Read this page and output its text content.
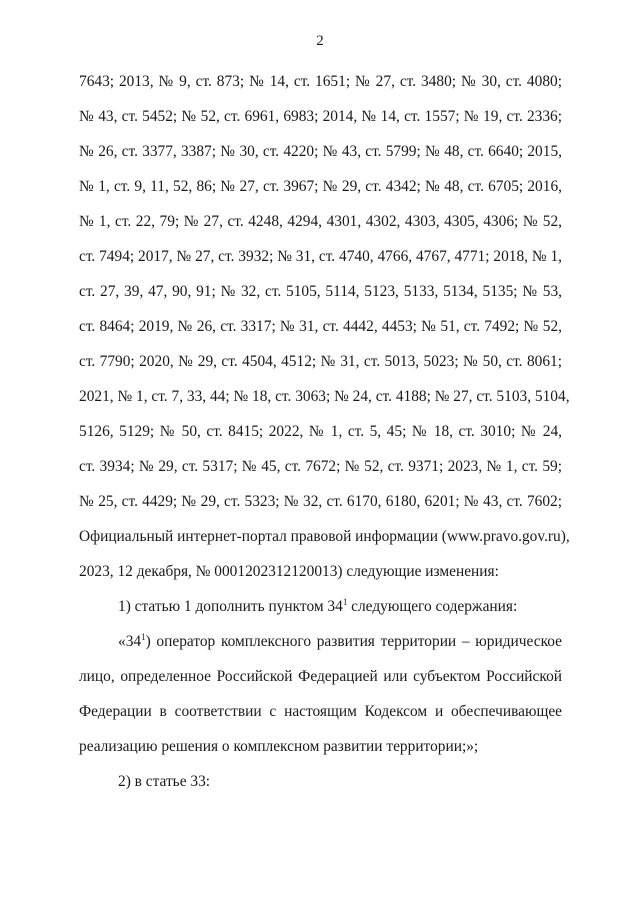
2
7643; 2013, № 9, ст. 873; № 14, ст. 1651; № 27, ст. 3480; № 30, ст. 4080;
№ 43, ст. 5452; № 52, ст. 6961, 6983; 2014, № 14, ст. 1557; № 19, ст. 2336;
№ 26, ст. 3377, 3387; № 30, ст. 4220; № 43, ст. 5799; № 48, ст. 6640; 2015,
№ 1, ст. 9, 11, 52, 86; № 27, ст. 3967; № 29, ст. 4342; № 48, ст. 6705; 2016,
№ 1, ст. 22, 79; № 27, ст. 4248, 4294, 4301, 4302, 4303, 4305, 4306; № 52,
ст. 7494; 2017, № 27, ст. 3932; № 31, ст. 4740, 4766, 4767, 4771; 2018, № 1,
ст. 27, 39, 47, 90, 91; № 32, ст. 5105, 5114, 5123, 5133, 5134, 5135; № 53,
ст. 8464; 2019, № 26, ст. 3317; № 31, ст. 4442, 4453; № 51, ст. 7492; № 52,
ст. 7790; 2020, № 29, ст. 4504, 4512; № 31, ст. 5013, 5023; № 50, ст. 8061;
2021, № 1, ст. 7, 33, 44; № 18, ст. 3063; № 24, ст. 4188; № 27, ст. 5103, 5104,
5126, 5129; № 50, ст. 8415; 2022, № 1, ст. 5, 45; № 18, ст. 3010; № 24,
ст. 3934; № 29, ст. 5317; № 45, ст. 7672; № 52, ст. 9371; 2023, № 1, ст. 59;
№ 25, ст. 4429; № 29, ст. 5323; № 32, ст. 6170, 6180, 6201; № 43, ст. 7602;
Официальный интернет-портал правовой информации (www.pravo.gov.ru),
2023, 12 декабря, № 0001202312120013) следующие изменения:
1) статью 1 дополнить пунктом $34^1$ следующего содержания:
«$34^1$) оператор комплексного развития территории – юридическое
лицо, определенное Российской Федерацией или субъектом Российской
Федерации в соответствии с настоящим Кодексом и обеспечивающее
реализацию решения о комплексном развитии территории;»;
2) в статье 33:
